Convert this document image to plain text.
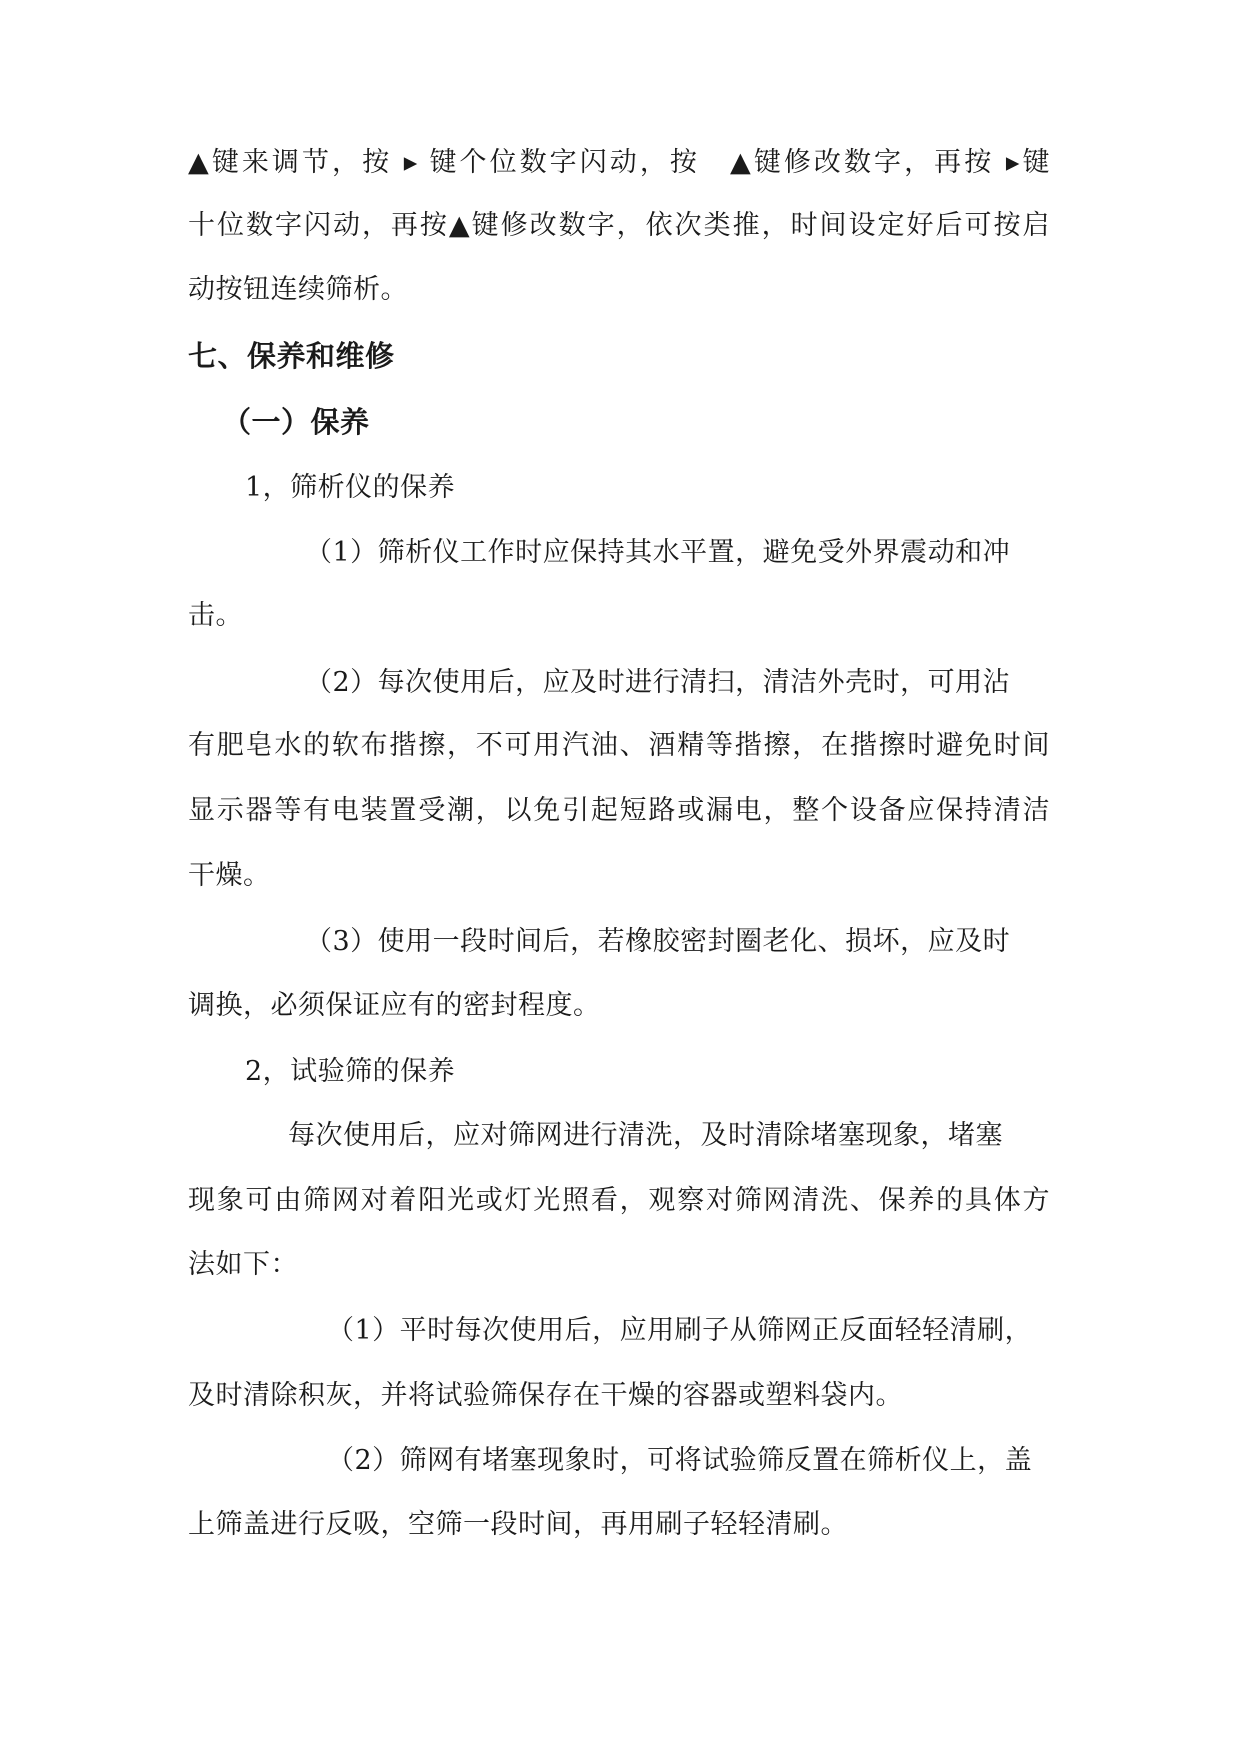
▲键来调节，按 ▸ 键个位数字闪动，按　▲键修改数字，再按 ▸键
十位数字闪动，再按▲键修改数字，依次类推，时间设定好后可按启
动按钮连续筛析。
七、保养和维修
（一）保养
1，筛析仪的保养
（1）筛析仪工作时应保持其水平置，避免受外界震动和冲
击。
（2）每次使用后，应及时进行清扫，清洁外壳时，可用沾
有肥皂水的软布揩擦，不可用汽油、酒精等揩擦，在揩擦时避免时间
显示器等有电装置受潮，以免引起短路或漏电，整个设备应保持清洁
干燥。
（3）使用一段时间后，若橡胶密封圈老化、损坏，应及时
调换，必须保证应有的密封程度。
2，试验筛的保养
每次使用后，应对筛网进行清洗，及时清除堵塞现象，堵塞
现象可由筛网对着阳光或灯光照看，观察对筛网清洗、保养的具体方
法如下：
（1）平时每次使用后，应用刷子从筛网正反面轻轻清刷，
及时清除积灰，并将试验筛保存在干燥的容器或塑料袋内。
（2）筛网有堵塞现象时，可将试验筛反置在筛析仪上，盖
上筛盖进行反吸，空筛一段时间，再用刷子轻轻清刷。
